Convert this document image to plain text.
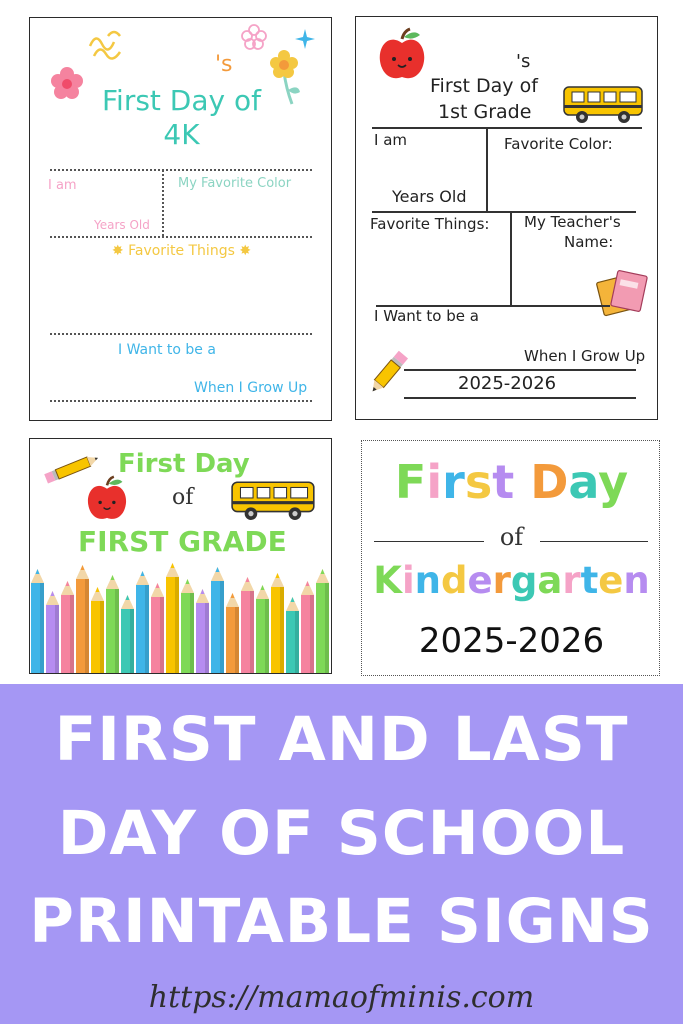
's
First Day of
4K
I am	My Favorite Color
Years Old
✸ Favorite Things ✸
I Want to be a
When I Grow Up
's
First Day of
1st Grade
I am	Favorite Color:
Years Old
Favorite Things: My Teacher's
Name:
I Want to be a
When I Grow Up
2025-2026
First Day
of
FIRST GRADE
First Day
of
Kindergarten
2025-2026
FIRST AND LAST
DAY OF SCHOOL
PRINTABLE SIGNS
https://mamaofminis.com
